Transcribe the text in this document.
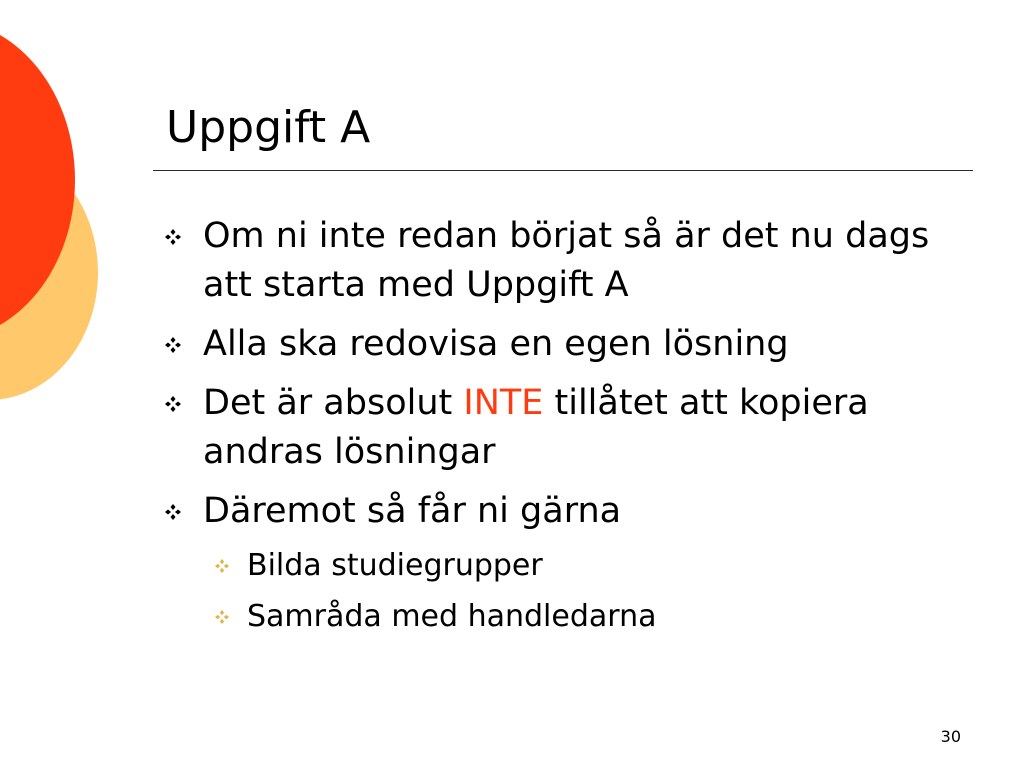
Uppgift A
Om ni inte redan börjat så är det nu dags att starta med Uppgift A
Alla ska redovisa en egen lösning
Det är absolut INTE tillåtet att kopiera andras lösningar
Däremot så får ni gärna
Bilda studiegrupper
Samråda med handledarna
30
